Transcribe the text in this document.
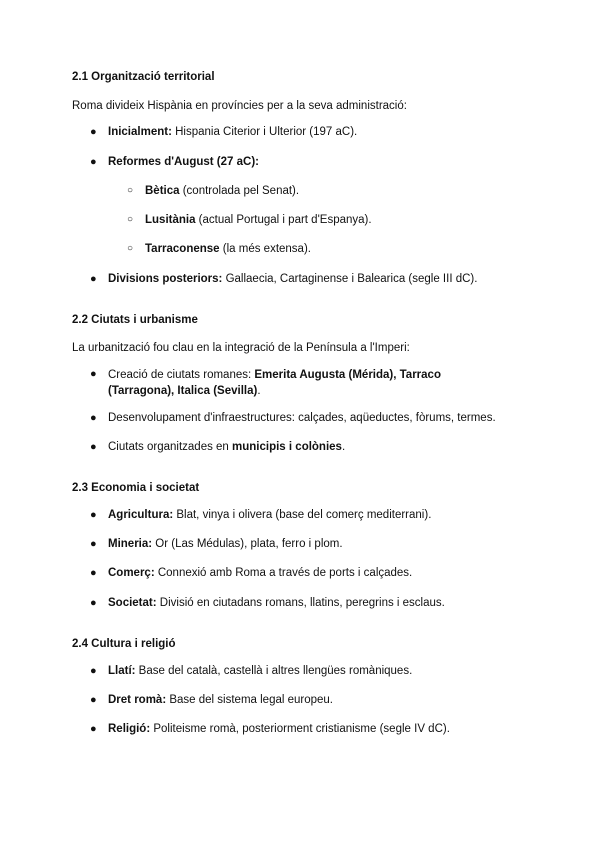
2.1 Organització territorial
Roma divideix Hispània en províncies per a la seva administració:
● Inicialment: Hispania Citerior i Ulterior (197 aC).
● Reformes d'August (27 aC):
○ Bètica (controlada pel Senat).
○ Lusitània (actual Portugal i part d'Espanya).
○ Tarraconense (la més extensa).
● Divisions posteriors: Gallaecia, Cartaginense i Balearica (segle III dC).
2.2 Ciutats i urbanisme
La urbanització fou clau en la integració de la Península a l'Imperi:
● Creació de ciutats romanes: Emerita Augusta (Mérida), Tarraco (Tarragona), Italica (Sevilla).
● Desenvolupament d'infraestructures: calçades, aqüeductes, fòrums, termes.
● Ciutats organitzades en municipis i colònies.
2.3 Economia i societat
● Agricultura: Blat, vinya i olivera (base del comerç mediterrani).
● Mineria: Or (Las Médulas), plata, ferro i plom.
● Comerç: Connexió amb Roma a través de ports i calçades.
● Societat: Divisió en ciutadans romans, llatins, peregrins i esclaus.
2.4 Cultura i religió
● Llatí: Base del català, castellà i altres llengües romàniques.
● Dret romà: Base del sistema legal europeu.
● Religió: Politeisme romà, posteriorment cristianisme (segle IV dC).
